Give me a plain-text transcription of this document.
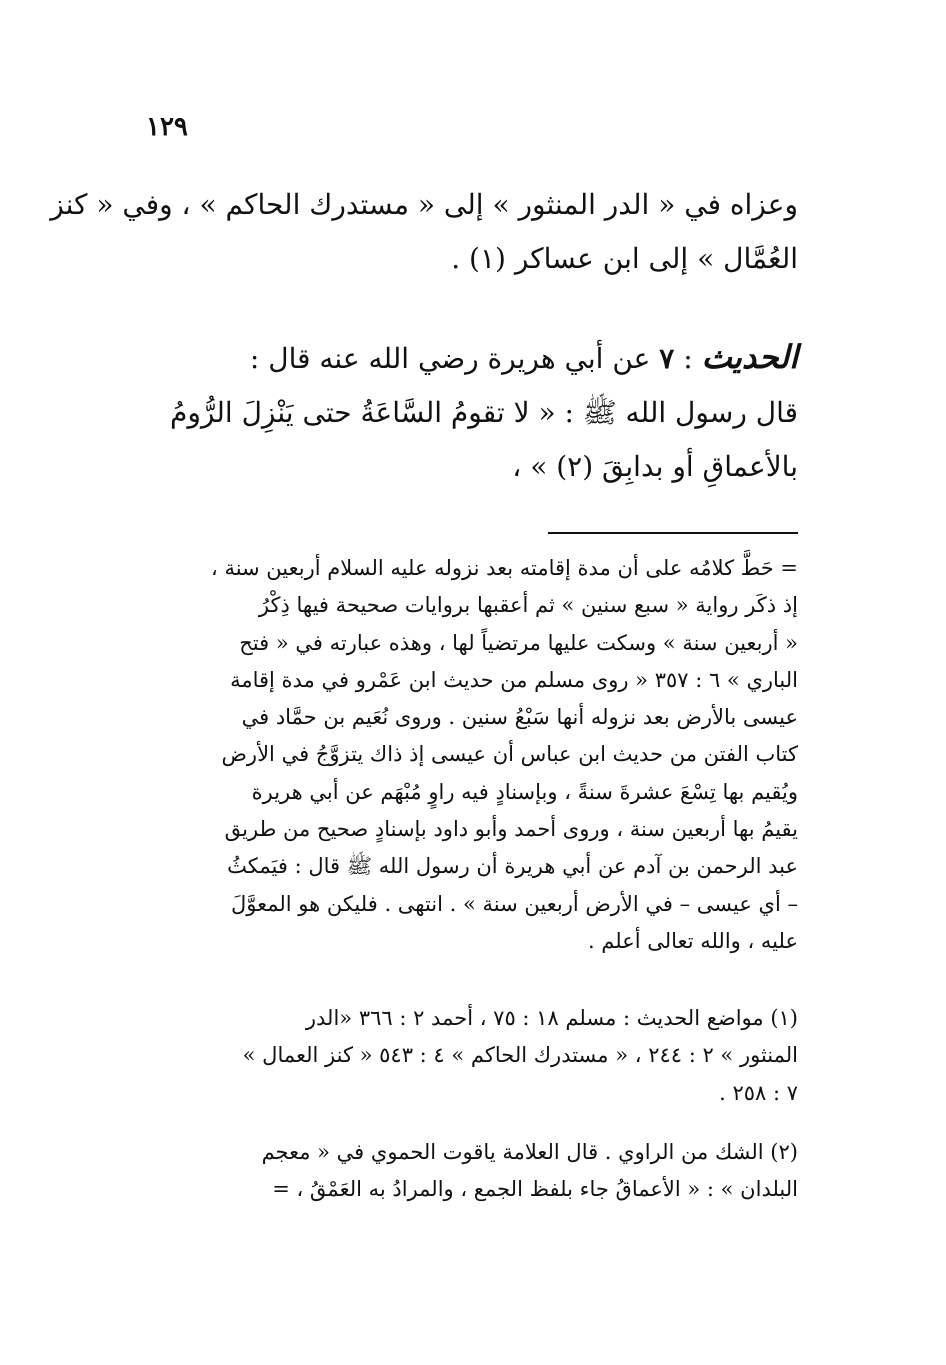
١٢٩
وعزاه في « الدر المنثور » إلى « مستدرك الحاكم » ، وفي « كنز
العُمَّال » إلى ابن عساكر (١) .
الحديث : ٧ عن أبي هريرة رضي الله عنه قال :
قال رسول الله ﷺ : « لا تقومُ السَّاعَةُ حتى يَنْزِلَ الرُّومُ
بالأعماقِ أو بدابِقَ (٢) » ،
= حَطَّ كلامُه على أن مدة إقامته بعد نزوله عليه السلام أربعين سنة ،
إذ ذكَر رواية « سبع سنين » ثم أعقبها بروايات صحيحة فيها ذِكْرُ
« أربعين سنة » وسكت عليها مرتضياً لها ، وهذه عبارته في « فتح
الباري » ٦ : ٣٥٧ « روى مسلم من حديث ابن عَمْرو في مدة إقامة
عيسى بالأرض بعد نزوله أنها سَبْعُ سنين . وروى نُعَيم بن حمَّاد في
كتاب الفتن من حديث ابن عباس أن عيسى إذ ذاك يتزوَّجُ في الأرض
ويُقيم بها تِسْعَ عشرةَ سنةً ، وبإسنادٍ فيه راوٍ مُبْهَم عن أبي هريرة
يقيمُ بها أربعين سنة ، وروى أحمد وأبو داود بإسنادٍ صحيح من طريق
عبد الرحمن بن آدم عن أبي هريرة أن رسول الله ﷺ قال : فيَمكثُ
– أي عيسى – في الأرض أربعين سنة » . انتهى . فليكن هو المعوَّلَ
عليه ، والله تعالى أعلم .
(١) مواضع الحديث : مسلم ١٨ : ٧٥ ، أحمد ٢ : ٣٦٦ «الدر
المنثور » ٢ : ٢٤٤ ، « مستدرك الحاكم » ٤ : ٥٤٣ « كنز العمال »
٧ : ٢٥٨ .
(٢) الشك من الراوي . قال العلامة ياقوت الحموي في « معجم
البلدان » : « الأعماقُ جاء بلفظ الجمع ، والمرادُ به العَمْقُ ، =
